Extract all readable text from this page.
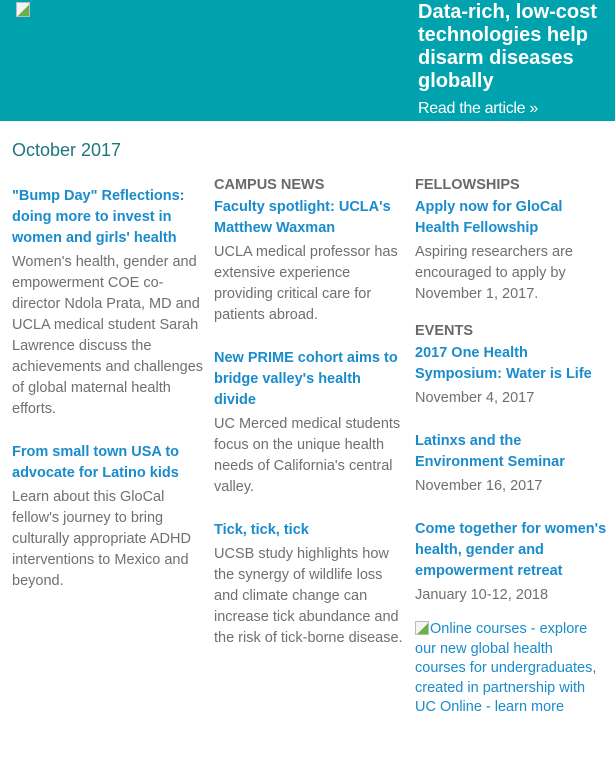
Data-rich, low-cost technologies help disarm diseases globally
Read the article »
October 2017
"Bump Day" Reflections: doing more to invest in women and girls' health
Women's health, gender and empowerment COE co-director Ndola Prata, MD and UCLA medical student Sarah Lawrence discuss the achievements and challenges of global maternal health efforts.
From small town USA to advocate for Latino kids
Learn about this GloCal fellow's journey to bring culturally appropriate ADHD interventions to Mexico and beyond.
CAMPUS NEWS
Faculty spotlight: UCLA's Matthew Waxman
UCLA medical professor has extensive experience providing critical care for patients abroad.
New PRIME cohort aims to bridge valley's health divide
UC Merced medical students focus on the unique health needs of California's central valley.
Tick, tick, tick
UCSB study highlights how the synergy of wildlife loss and climate change can increase tick abundance and the risk of tick-borne disease.
FELLOWSHIPS
Apply now for GloCal Health Fellowship
Aspiring researchers are encouraged to apply by November 1, 2017.
EVENTS
2017 One Health Symposium: Water is Life
November 4, 2017
Latinxs and the Environment Seminar
November 16, 2017
Come together for women's health, gender and empowerment retreat
January 10-12, 2018
Online courses - explore our new global health courses for undergraduates, created in partnership with UC Online - learn more
